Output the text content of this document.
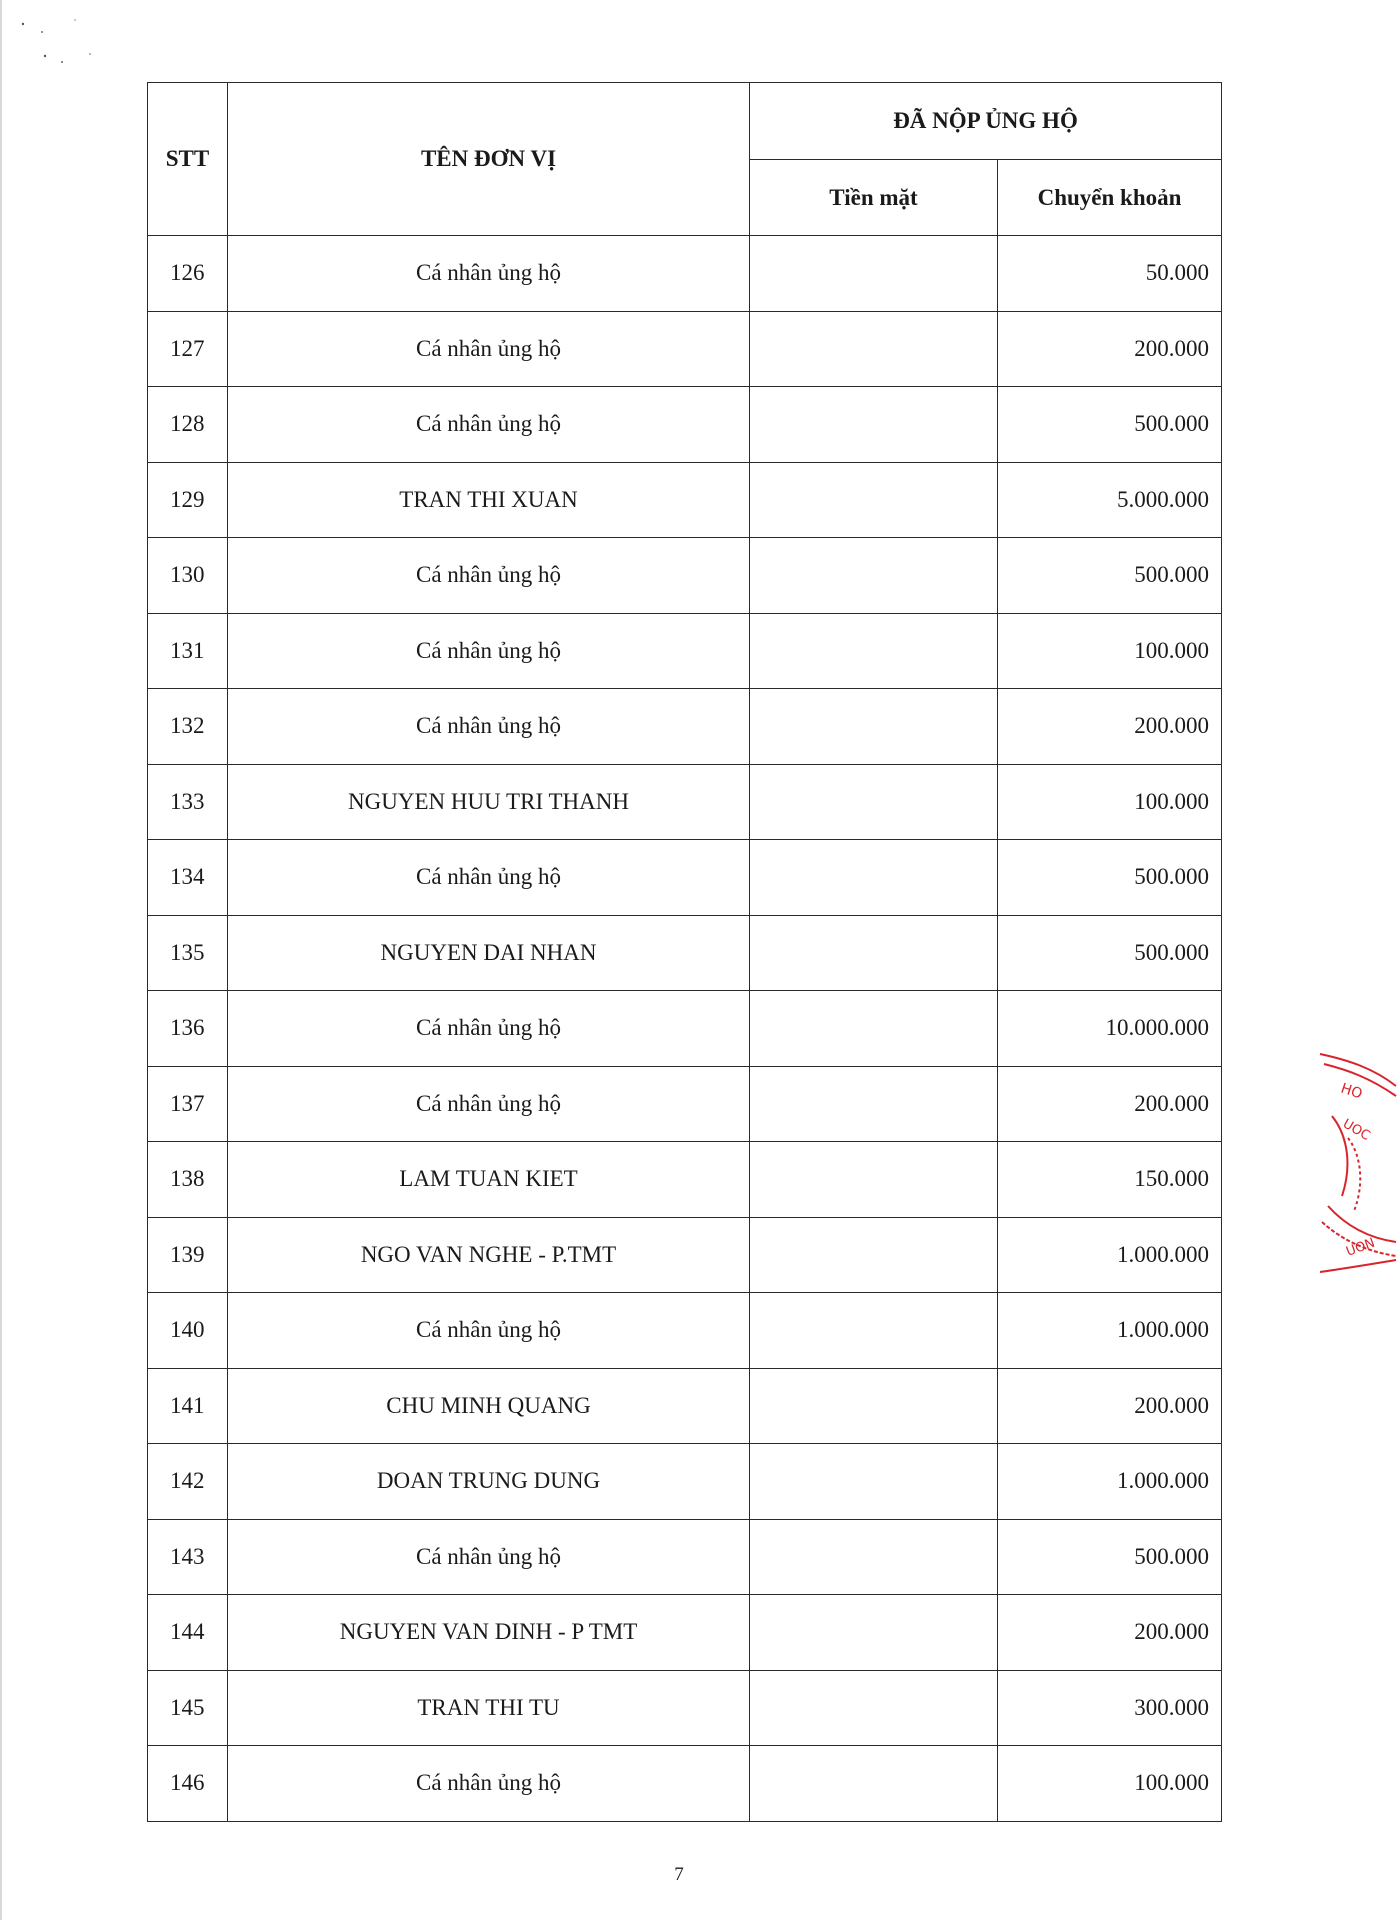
STT	TÊN ĐƠN VỊ	ĐÃ NỘP ỦNG HỘ	
		Tiền mặt	Chuyển khoản
126	Cá nhân ủng hộ		50.000
127	Cá nhân ủng hộ		200.000
128	Cá nhân ủng hộ		500.000
129	TRAN THI XUAN		5.000.000
130	Cá nhân ủng hộ		500.000
131	Cá nhân ủng hộ		100.000
132	Cá nhân ủng hộ		200.000
133	NGUYEN HUU TRI THANH		100.000
134	Cá nhân ủng hộ		500.000
135	NGUYEN DAI NHAN		500.000
136	Cá nhân ủng hộ		10.000.000
137	Cá nhân ủng hộ		200.000
138	LAM TUAN KIET		150.000
139	NGO VAN NGHE - P.TMT		1.000.000
140	Cá nhân ủng hộ		1.000.000
141	CHU MINH QUANG		200.000
142	DOAN TRUNG DUNG		1.000.000
143	Cá nhân ủng hộ		500.000
144	NGUYEN VAN DINH - P TMT		200.000
145	TRAN THI TU		300.000
146	Cá nhân ủng hộ		100.000
7
HO
UOC
UON
